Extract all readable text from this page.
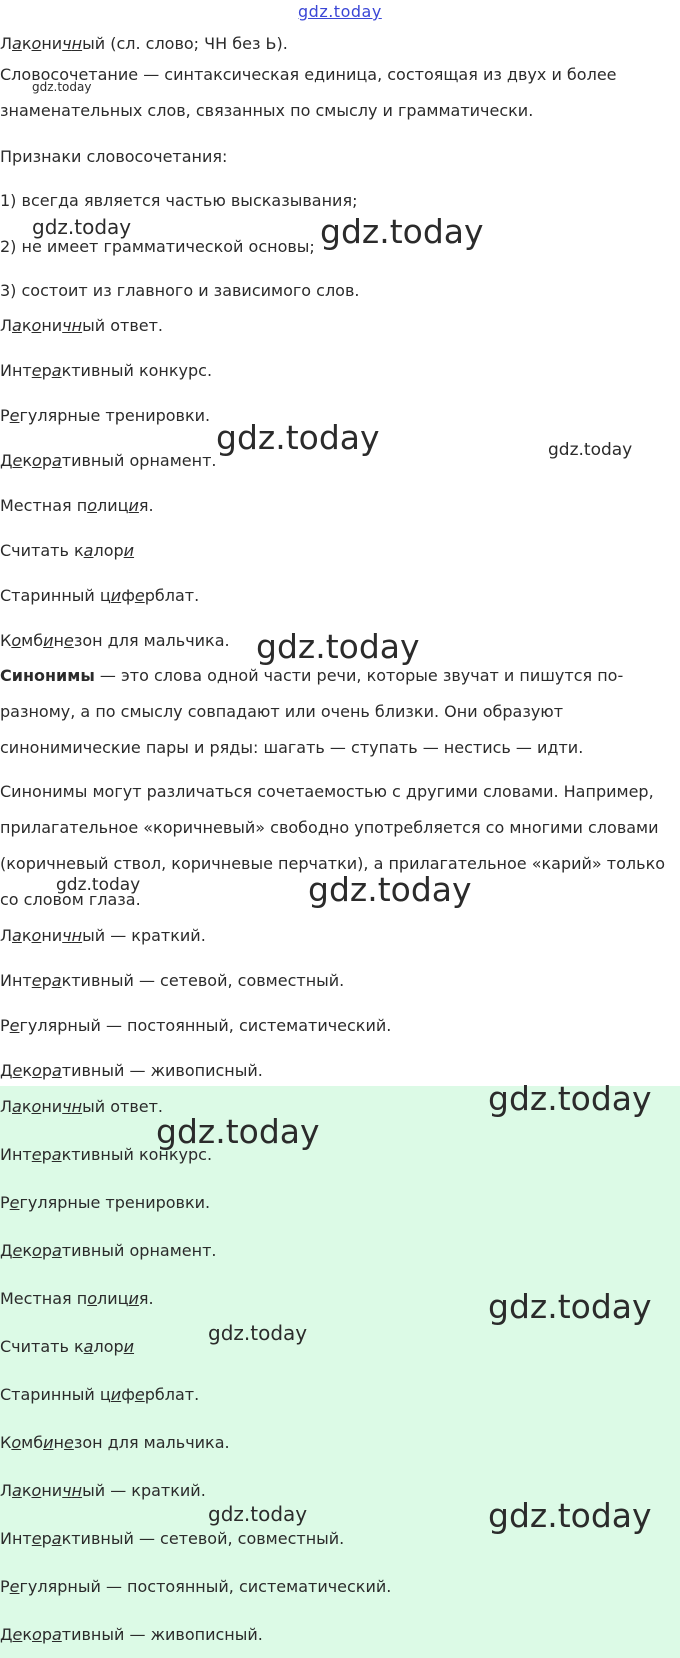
gdz.today
Лаконичный (сл. слово; ЧН без Ь).
Словосочетание — синтаксическая единица, состоящая из двух и более
знаменательных слов, связанных по смыслу и грамматически.
Признаки словосочетания:
1) всегда является частью высказывания;
2) не имеет грамматической основы;
3) состоит из главного и зависимого слов.
Лаконичный ответ.
Интерактивный конкурс.
Регулярные тренировки.
Декоративный орнамент.
Местная полиция.
Считать калори
Старинный циферблат.
Комбинезон для мальчика.
Синонимы — это слова одной части речи, которые звучат и пишутся по-
разному, а по смыслу совпадают или очень близки. Они образуют
синонимические пары и ряды: шагать — ступать — нестись — идти.
Синонимы могут различаться сочетаемостью с другими словами. Например,
прилагательное «коричневый» свободно употребляется со многими словами
(коричневый ствол, коричневые перчатки), а прилагательное «карий» только
со словом глаза.
Лаконичный — краткий.
Интерактивный — сетевой, совместный.
Регулярный — постоянный, систематический.
Декоративный — живописный.
Лаконичный ответ.
Интерактивный конкурс.
Регулярные тренировки.
Декоративный орнамент.
Местная полиция.
Считать калори
Старинный циферблат.
Комбинезон для мальчика.
Лаконичный — краткий.
Интерактивный — сетевой, совместный.
Регулярный — постоянный, систематический.
Декоративный — живописный.
gdz.today
gdz.today	gdz.today
gdz.today	gdz.today
gdz.today
gdz.today	gdz.today
gdz.today
gdz.today
gdz.today
gdz.today
gdz.today	gdz.today
